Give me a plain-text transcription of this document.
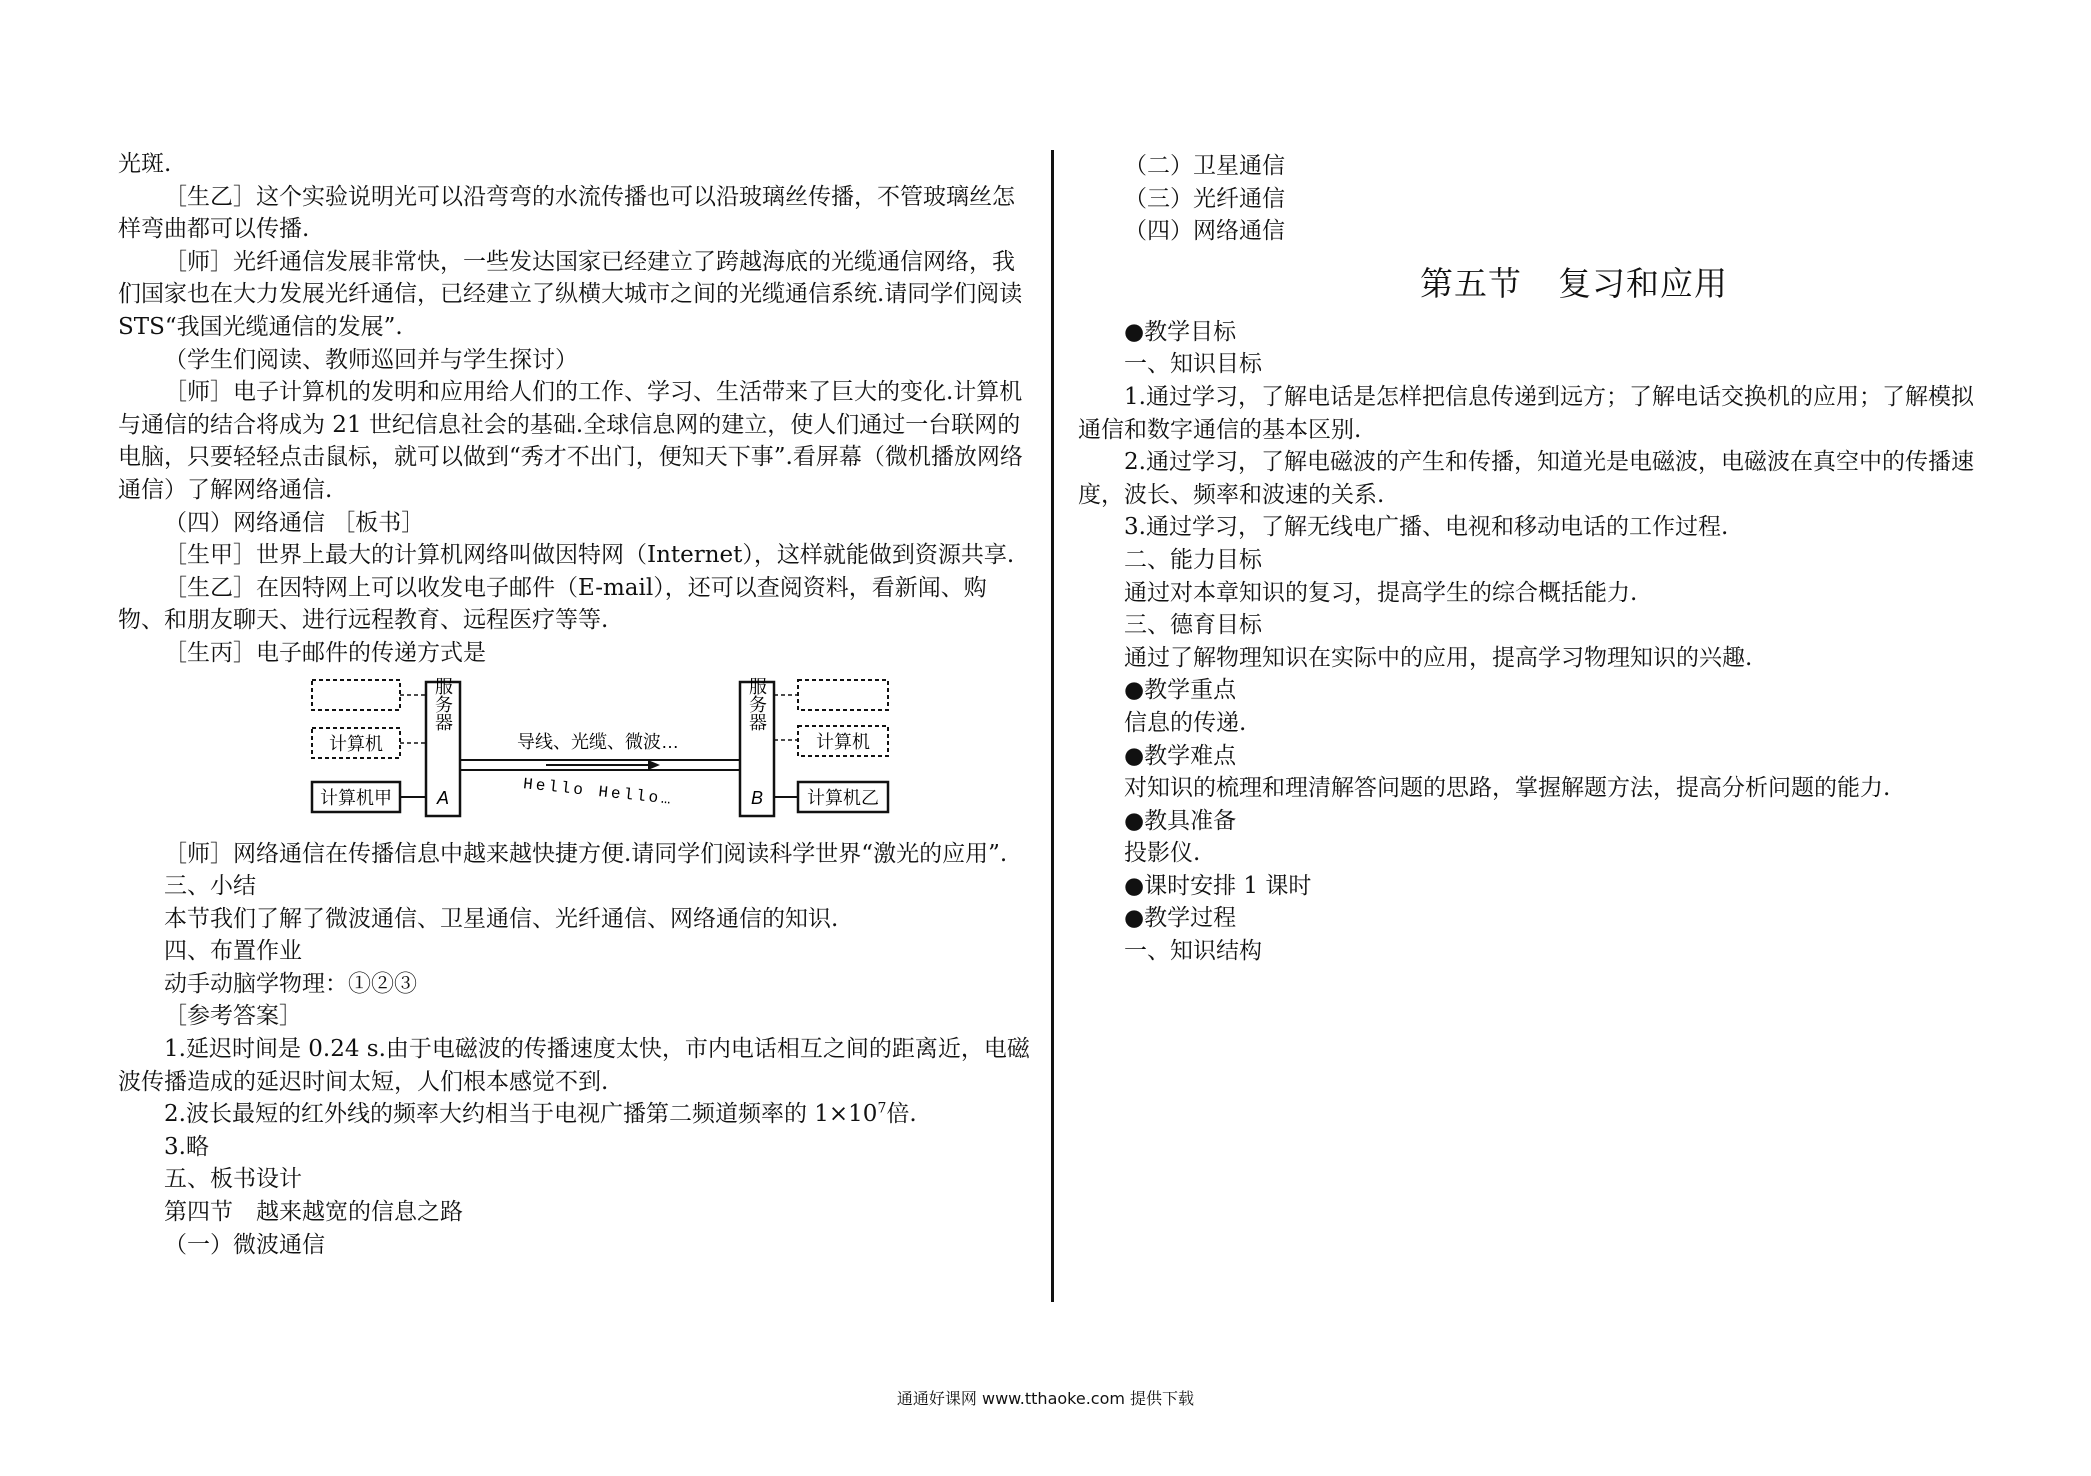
光斑.

［生乙］这个实验说明光可以沿弯弯的水流传播也可以沿玻璃丝传播，不管玻璃丝怎样弯曲都可以传播.

［师］光纤通信发展非常快，一些发达国家已经建立了跨越海底的光缆通信网络，我们国家也在大力发展光纤通信，已经建立了纵横大城市之间的光缆通信系统.请同学们阅读 STS“我国光缆通信的发展”.

（学生们阅读、教师巡回并与学生探讨）

［师］电子计算机的发明和应用给人们的工作、学习、生活带来了巨大的变化.计算机与通信的结合将成为 21 世纪信息社会的基础.全球信息网的建立，使人们通过一台联网的电脑，只要轻轻点击鼠标，就可以做到“秀才不出门，便知天下事”.看屏幕（微机播放网络通信）了解网络通信.

（四）网络通信 ［板书］

［生甲］世界上最大的计算机网络叫做因特网（Internet），这样就能做到资源共享.

［生乙］在因特网上可以收发电子邮件（E-mail），还可以查阅资料，看新闻、购物、和朋友聊天、进行远程教育、远程医疗等等.

［生丙］电子邮件的传递方式是

计算机
计算机甲
服务器
A
导线、光缆、微波…
Hello Hello…
服务器
B
计算机
计算机乙

［师］网络通信在传播信息中越来越快捷方便.请同学们阅读科学世界“激光的应用”.

三、小结

本节我们了解了微波通信、卫星通信、光纤通信、网络通信的知识.

四、布置作业

动手动脑学物理：①②③

［参考答案］

1.延迟时间是 0.24 s.由于电磁波的传播速度太快，市内电话相互之间的距离近，电磁波传播造成的延迟时间太短，人们根本感觉不到.

2.波长最短的红外线的频率大约相当于电视广播第二频道频率的 $1\times 10^7$倍.

3.略

五、板书设计

第四节　越来越宽的信息之路

（一）微波通信

（二）卫星通信

（三）光纤通信

（四）网络通信

第五节 复习和应用

●教学目标

一、知识目标

1.通过学习，了解电话是怎样把信息传递到远方；了解电话交换机的应用；了解模拟通信和数字通信的基本区别.

2.通过学习，了解电磁波的产生和传播，知道光是电磁波，电磁波在真空中的传播速度，波长、频率和波速的关系.

3.通过学习，了解无线电广播、电视和移动电话的工作过程.

二、能力目标

通过对本章知识的复习，提高学生的综合概括能力.

三、德育目标

通过了解物理知识在实际中的应用，提高学习物理知识的兴趣.

●教学重点

信息的传递.

●教学难点

对知识的梳理和理清解答问题的思路，掌握解题方法，提高分析问题的能力.

●教具准备

投影仪.

●课时安排 1 课时

●教学过程

一、知识结构

通通好课网 www.tthaoke.com 提供下载
